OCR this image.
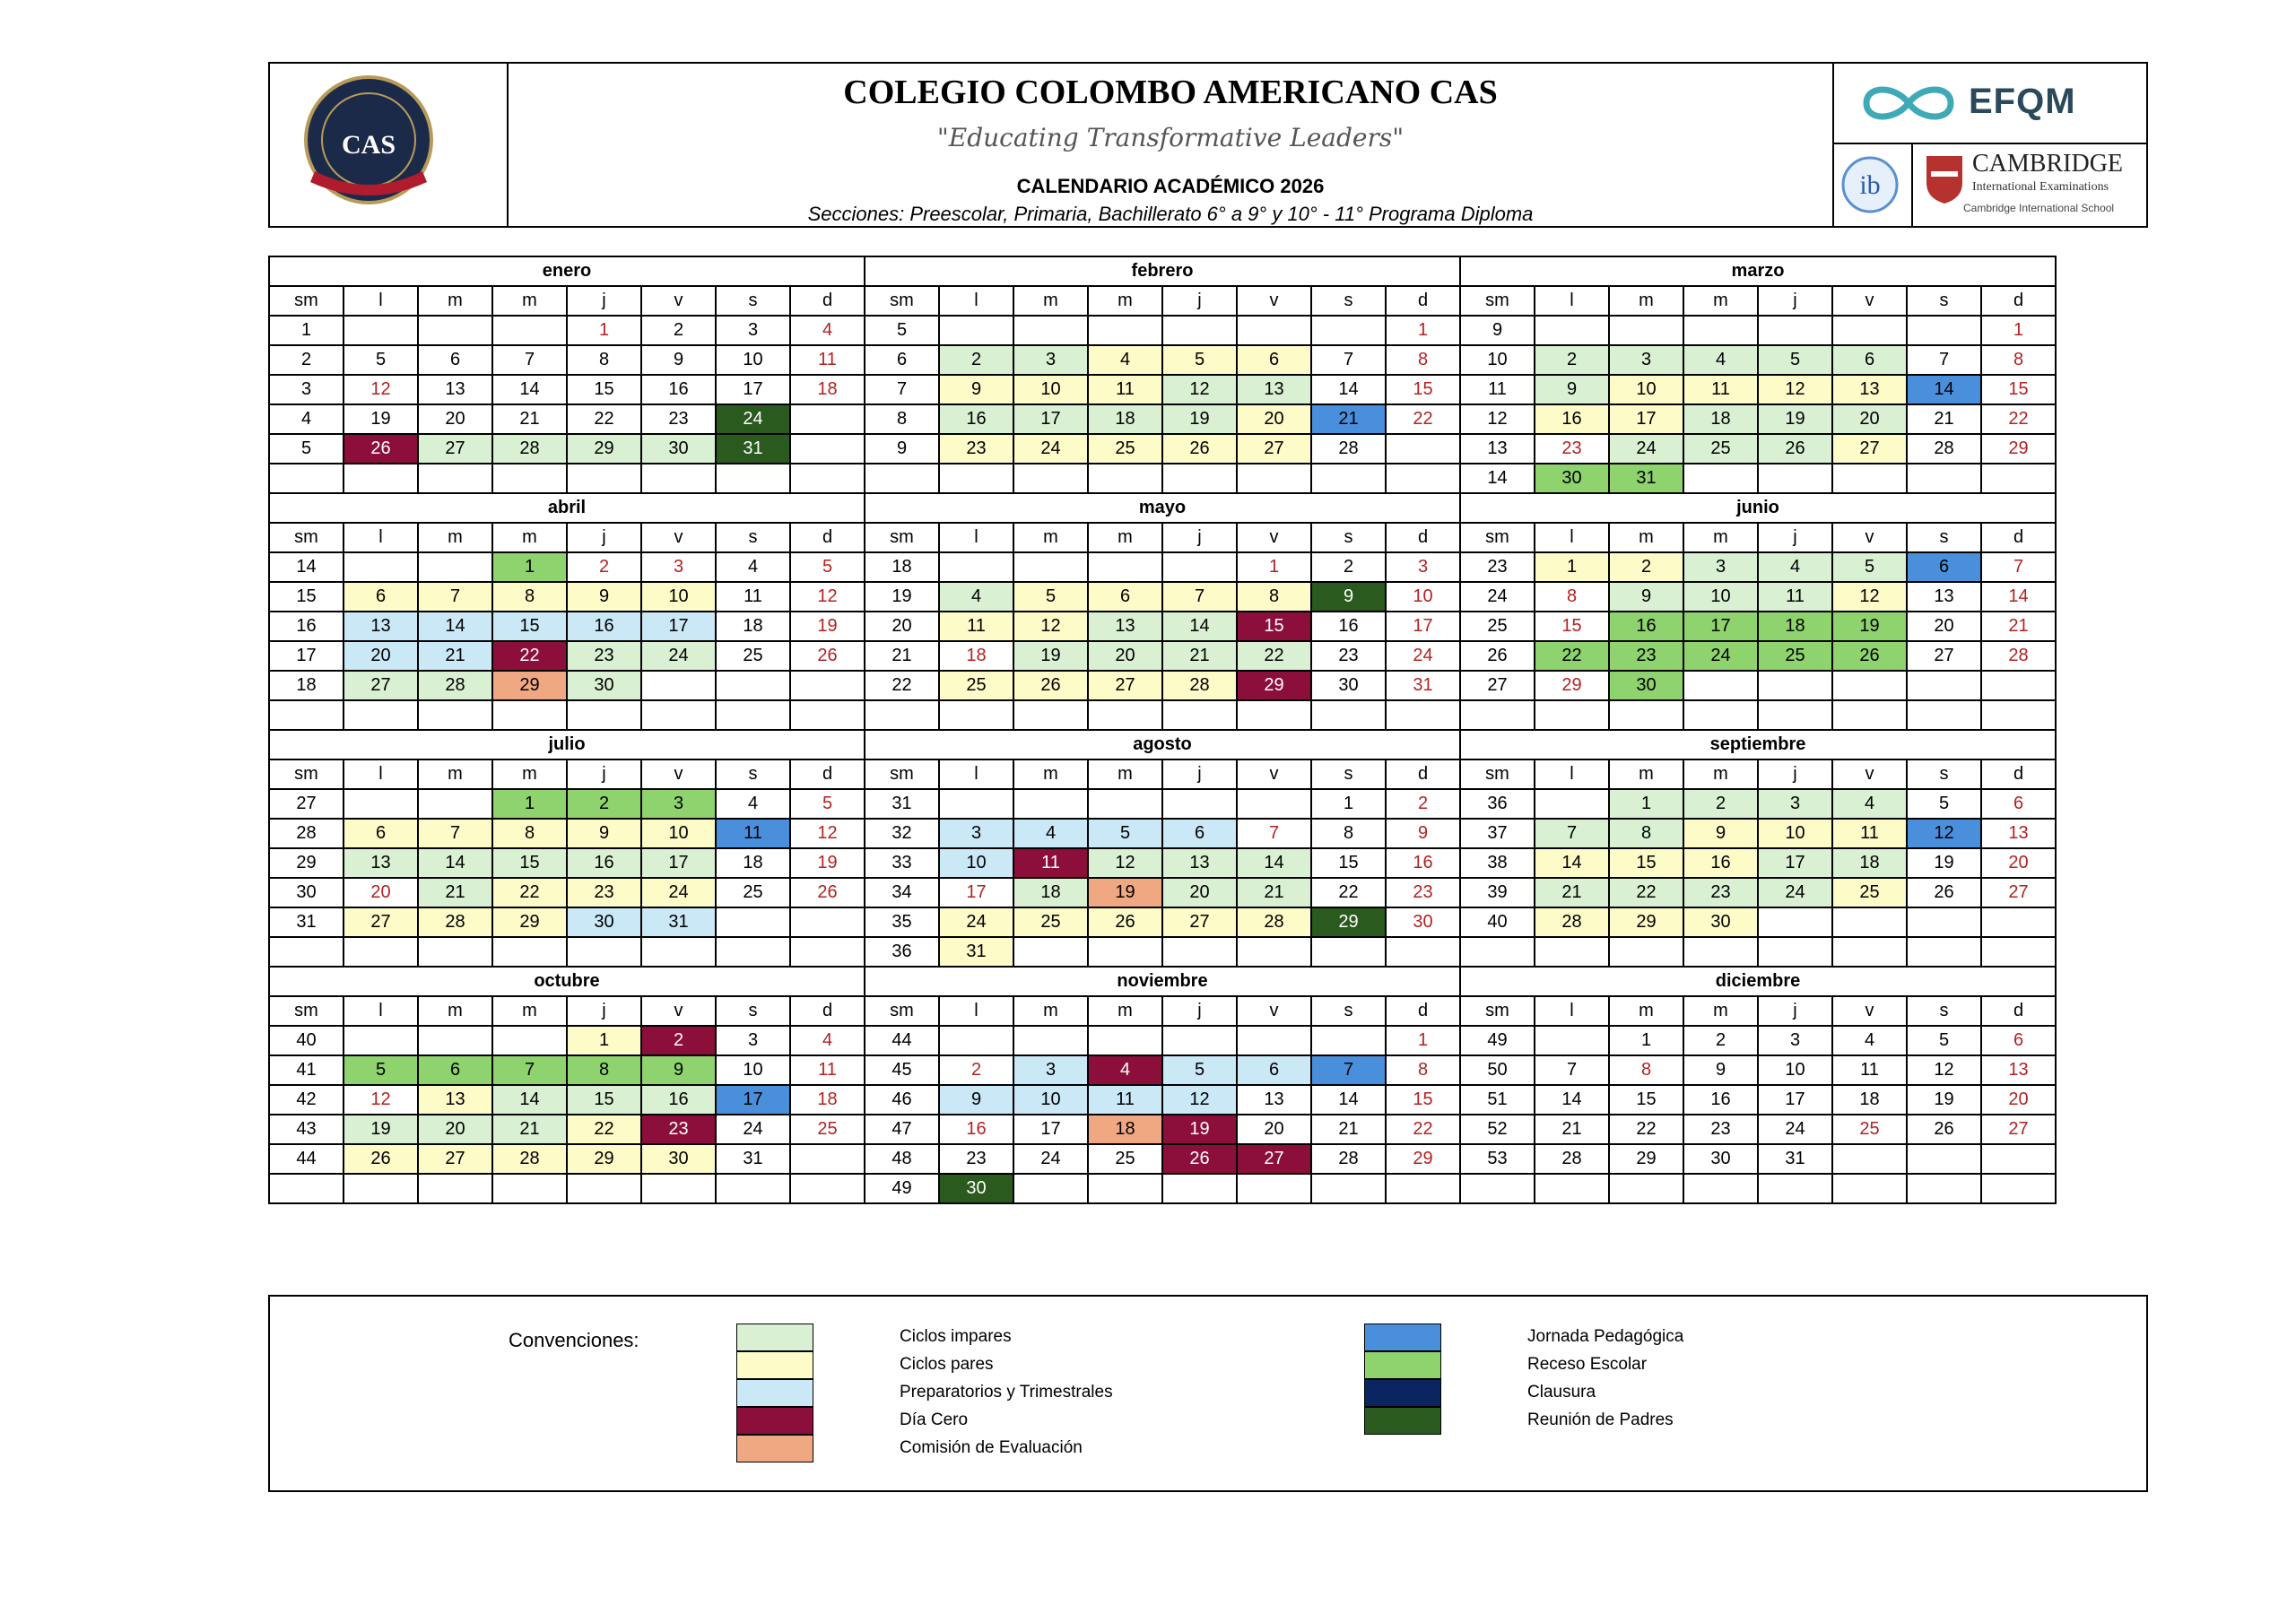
CAS
COLEGIO COLOMBO AMERICANO CAS
"Educating Transformative Leaders"
CALENDARIO ACADÉMICO 2026
Secciones: Preescolar, Primaria, Bachillerato 6° a 9° y 10° - 11° Programa Diploma
EFQM
ib
CAMBRIDGE
International Examinations
Cambridge International School
enero								febrero								marzo							
sm	l	m	m	j	v	s	d	sm	l	m	m	j	v	s	d	sm	l	m	m	j	v	s	d
1				1	2	3	4	5							1	9							1
2	5	6	7	8	9	10	11	6	2	3	4	5	6	7	8	10	2	3	4	5	6	7	8
3	12	13	14	15	16	17	18	7	9	10	11	12	13	14	15	11	9	10	11	12	13	14	15
4	19	20	21	22	23	24		8	16	17	18	19	20	21	22	12	16	17	18	19	20	21	22
5	26	27	28	29	30	31		9	23	24	25	26	27	28		13	23	24	25	26	27	28	29
																14	30	31					
abril								mayo								junio							
sm	l	m	m	j	v	s	d	sm	l	m	m	j	v	s	d	sm	l	m	m	j	v	s	d
14			1	2	3	4	5	18					1	2	3	23	1	2	3	4	5	6	7
15	6	7	8	9	10	11	12	19	4	5	6	7	8	9	10	24	8	9	10	11	12	13	14
16	13	14	15	16	17	18	19	20	11	12	13	14	15	16	17	25	15	16	17	18	19	20	21
17	20	21	22	23	24	25	26	21	18	19	20	21	22	23	24	26	22	23	24	25	26	27	28
18	27	28	29	30				22	25	26	27	28	29	30	31	27	29	30					

julio								agosto								septiembre							
sm	l	m	m	j	v	s	d	sm	l	m	m	j	v	s	d	sm	l	m	m	j	v	s	d
27			1	2	3	4	5	31						1	2	36		1	2	3	4	5	6
28	6	7	8	9	10	11	12	32	3	4	5	6	7	8	9	37	7	8	9	10	11	12	13
29	13	14	15	16	17	18	19	33	10	11	12	13	14	15	16	38	14	15	16	17	18	19	20
30	20	21	22	23	24	25	26	34	17	18	19	20	21	22	23	39	21	22	23	24	25	26	27
31	27	28	29	30	31			35	24	25	26	27	28	29	30	40	28	29	30				
								36	31														
octubre								noviembre								diciembre							
sm	l	m	m	j	v	s	d	sm	l	m	m	j	v	s	d	sm	l	m	m	j	v	s	d
40				1	2	3	4	44							1	49		1	2	3	4	5	6
41	5	6	7	8	9	10	11	45	2	3	4	5	6	7	8	50	7	8	9	10	11	12	13
42	12	13	14	15	16	17	18	46	9	10	11	12	13	14	15	51	14	15	16	17	18	19	20
43	19	20	21	22	23	24	25	47	16	17	18	19	20	21	22	52	21	22	23	24	25	26	27
44	26	27	28	29	30	31		48	23	24	25	26	27	28	29	53	28	29	30	31			
								49	30														
Convenciones:	Ciclos impares
Ciclos pares
Preparatorios y Trimestrales
Día Cero
Comisión de Evaluación
Jornada Pedagógica
Receso Escolar
Clausura
Reunión de Padres
